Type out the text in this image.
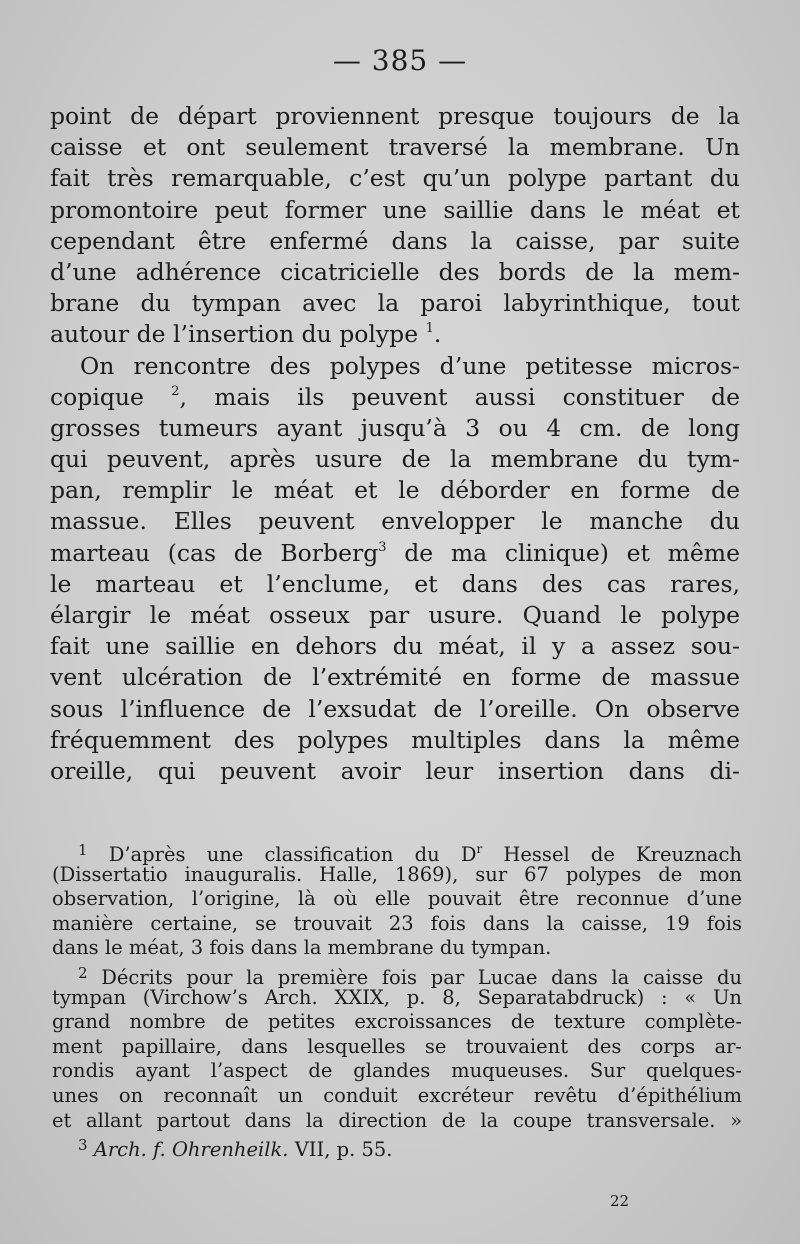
— 385 —

point de départ proviennent presque toujours de la
caisse et ont seulement traversé la membrane. Un
fait très remarquable, c’est qu’un polype partant du
promontoire peut former une saillie dans le méat et
cependant être enfermé dans la caisse, par suite
d’une adhérence cicatricielle des bords de la mem-
brane du tympan avec la paroi labyrinthique, tout
autour de l’insertion du polype $^1$.
On rencontre des polypes d’une petitesse micros-
copique $^2$, mais ils peuvent aussi constituer de
grosses tumeurs ayant jusqu’à 3 ou 4 cm. de long
qui peuvent, après usure de la membrane du tym-
pan, remplir le méat et le déborder en forme de
massue. Elles peuvent envelopper le manche du
marteau (cas de Borberg$^3$ de ma clinique) et même
le marteau et l’enclume, et dans des cas rares,
élargir le méat osseux par usure. Quand le polype
fait une saillie en dehors du méat, il y a assez sou-
vent ulcération de l’extrémité en forme de massue
sous l’influence de l’exsudat de l’oreille. On observe
fréquemment des polypes multiples dans la même
oreille, qui peuvent avoir leur insertion dans di-
$^1$ D’après une classification du $D^r$ Hessel de Kreuznach
(Dissertatio inauguralis. Halle, 1869), sur 67 polypes de mon
observation, l’origine, là où elle pouvait être reconnue d’une
manière certaine, se trouvait 23 fois dans la caisse, 19 fois
dans le méat, 3 fois dans la membrane du tympan.
$^2$ Décrits pour la première fois par Lucae dans la caisse du
tympan (Virchow’s Arch. XXIX, p. 8, Separatabdruck) : « Un
grand nombre de petites excroissances de texture complète-
ment papillaire, dans lesquelles se trouvaient des corps ar-
rondis ayant l’aspect de glandes muqueuses. Sur quelques-
unes on reconnaît un conduit excréteur revêtu d’épithélium
et allant partout dans la direction de la coupe transversale. »
$^3$ Arch. f. Ohrenheilk. VII, p. 55.

22
